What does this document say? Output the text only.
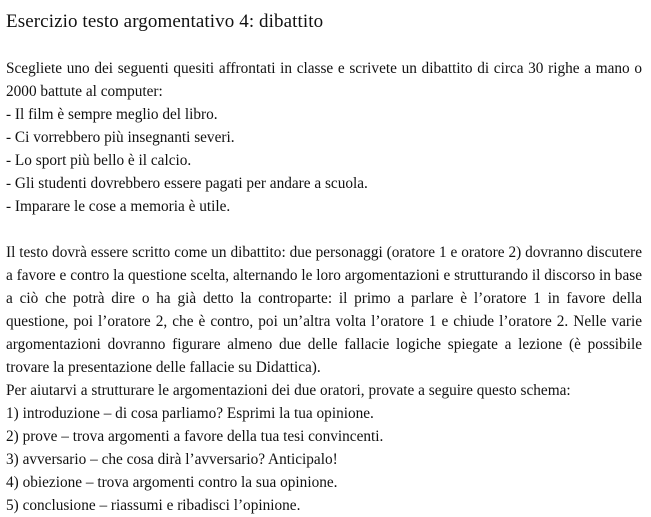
Esercizio testo argomentativo 4: dibattito

Scegliete uno dei seguenti quesiti affrontati in classe e scrivete un dibattito di circa 30 righe a mano o 2000 battute al computer:

- Il film è sempre meglio del libro.
- Ci vorrebbero più insegnanti severi.
- Lo sport più bello è il calcio.
- Gli studenti dovrebbero essere pagati per andare a scuola.
- Imparare le cose a memoria è utile.

Il testo dovrà essere scritto come un dibattito: due personaggi (oratore 1 e oratore 2) dovranno discutere a favore e contro la questione scelta, alternando le loro argomentazioni e strutturando il discorso in base a ciò che potrà dire o ha già detto la controparte: il primo a parlare è l’oratore 1 in favore della questione, poi l’oratore 2, che è contro, poi un’altra volta l’oratore 1 e chiude l’oratore 2. Nelle varie argomentazioni dovranno figurare almeno due delle fallacie logiche spiegate a lezione (è possibile trovare la presentazione delle fallacie su Didattica).

Per aiutarvi a strutturare le argomentazioni dei due oratori, provate a seguire questo schema:

1) introduzione – di cosa parliamo? Esprimi la tua opinione.
2) prove – trova argomenti a favore della tua tesi convincenti.
3) avversario – che cosa dirà l’avversario? Anticipalo!
4) obiezione – trova argomenti contro la sua opinione.
5) conclusione – riassumi e ribadisci l’opinione.
